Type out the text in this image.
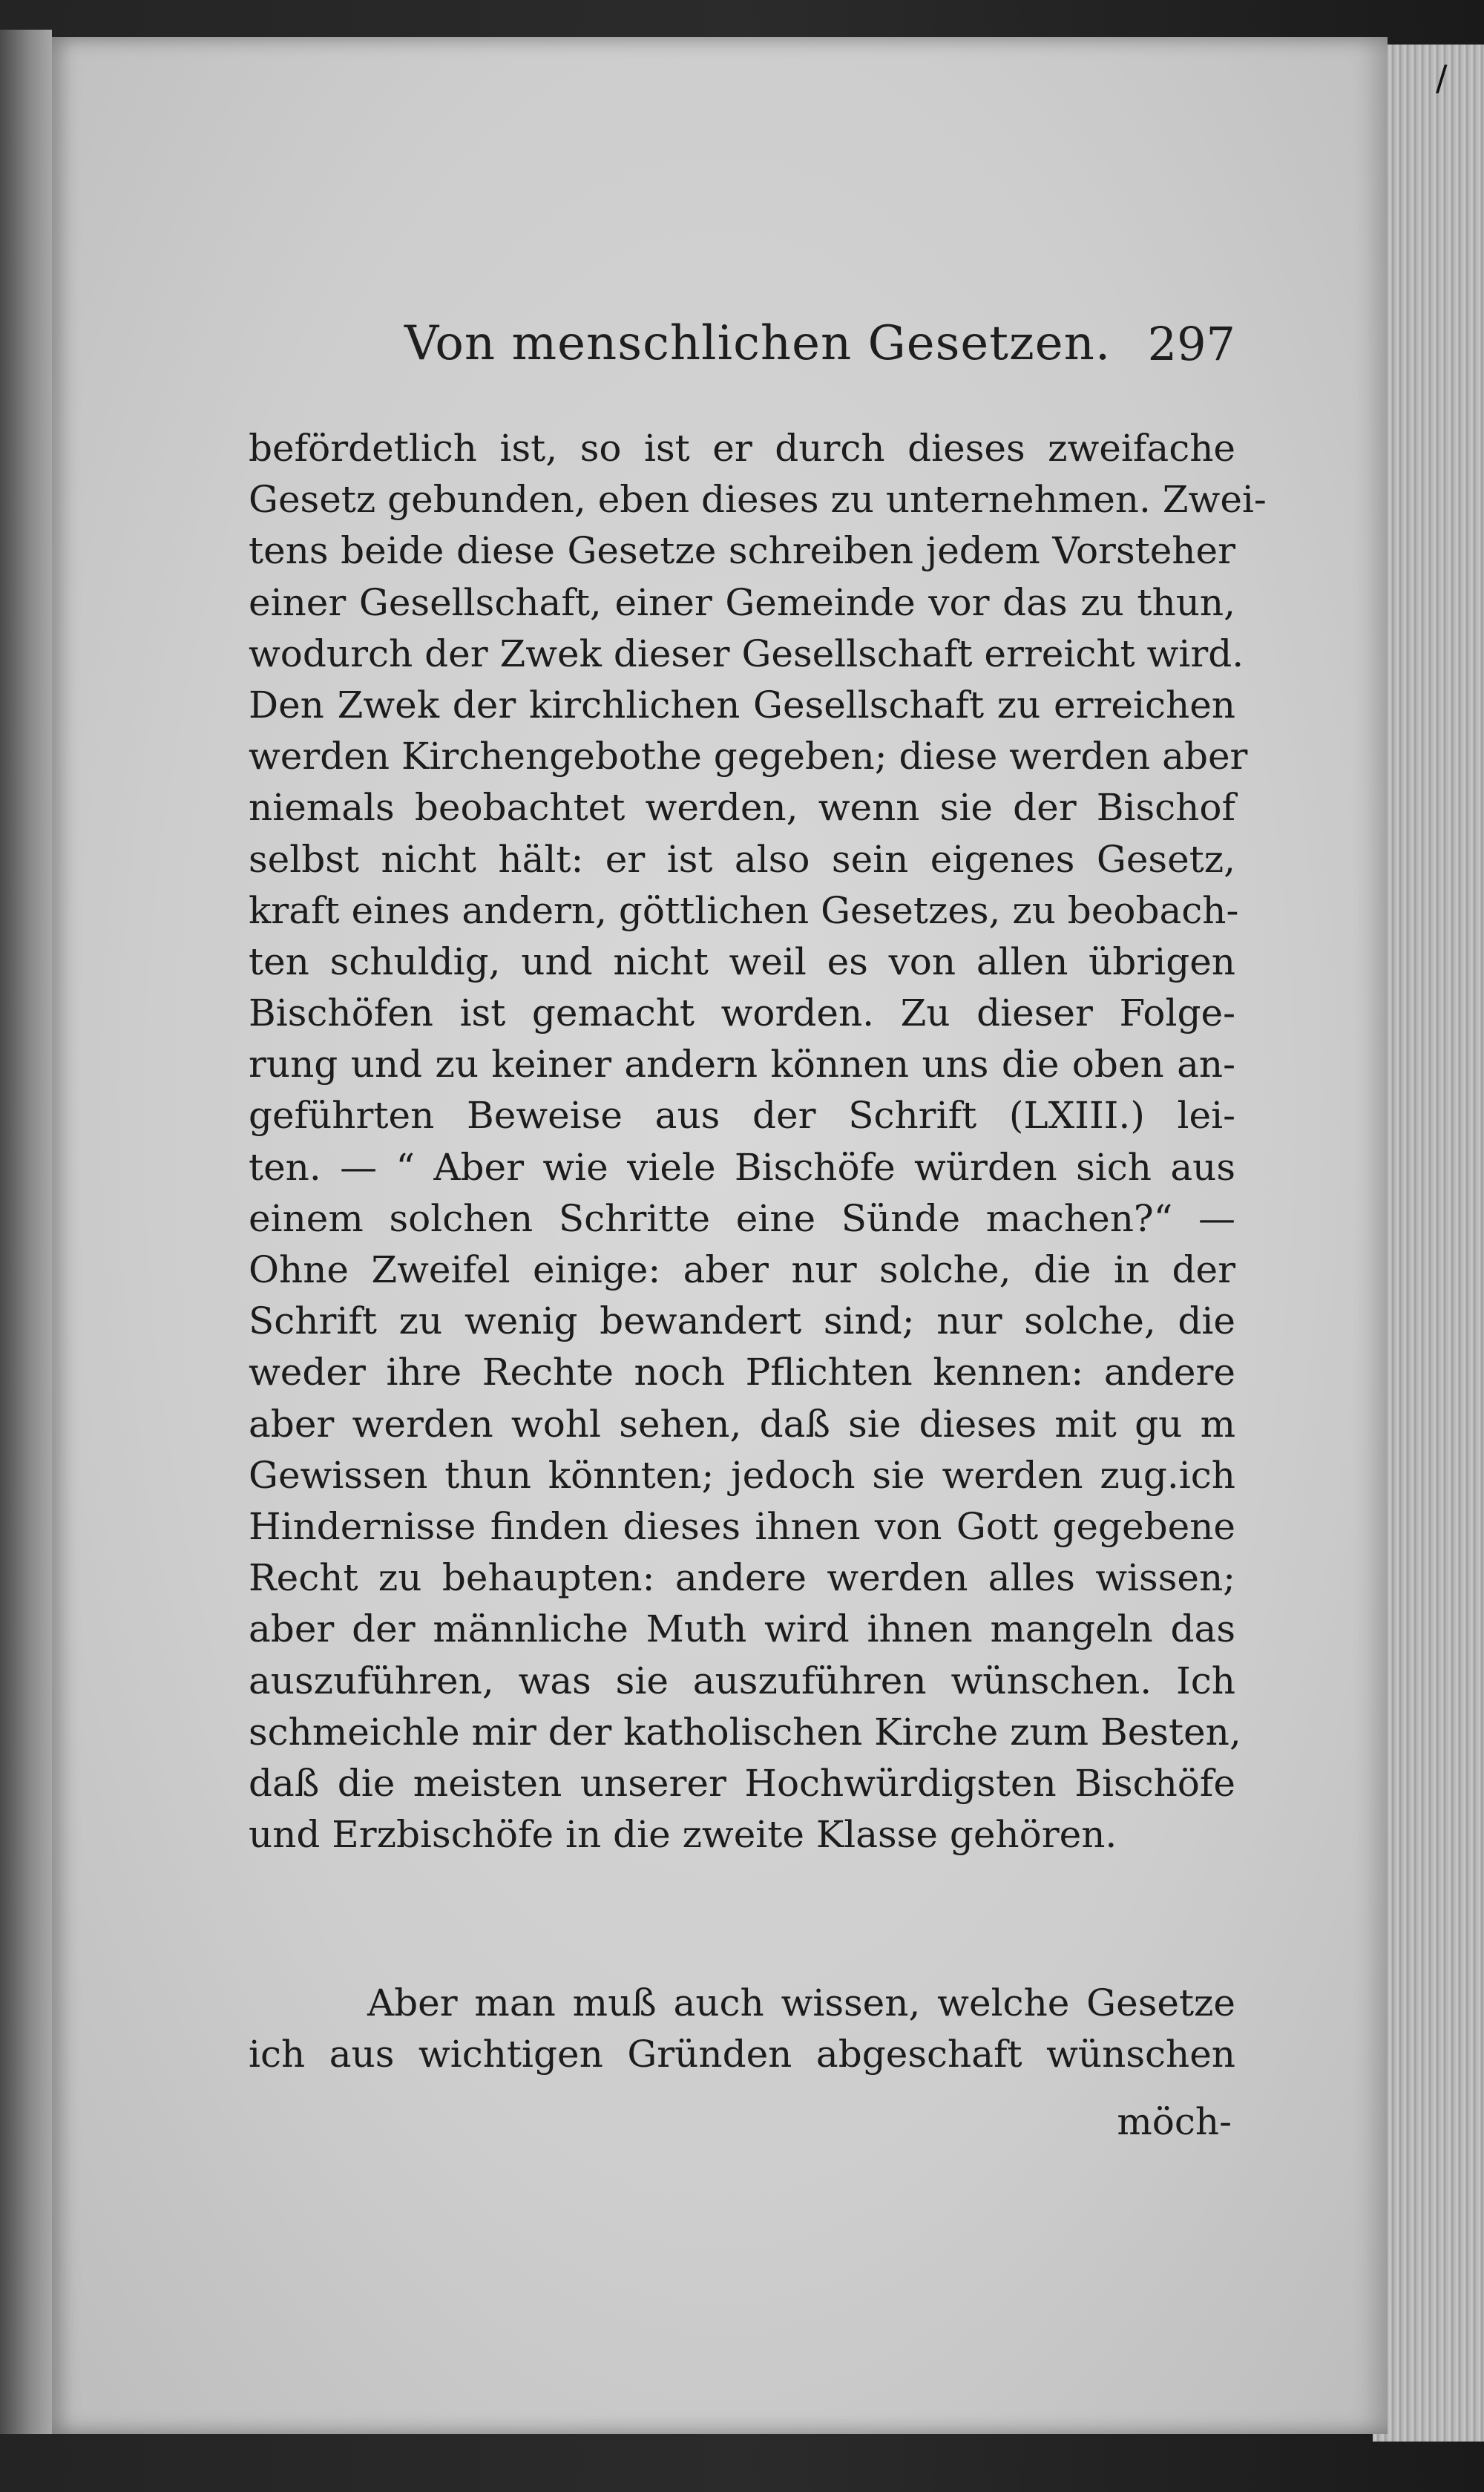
/
Von menschlichen Gesetzen. 297
befördetlich ist, so ist er durch dieses zweifache
Gesetz gebunden, eben dieses zu unternehmen. Zwei-
tens beide diese Gesetze schreiben jedem Vorsteher
einer Gesellschaft, einer Gemeinde vor das zu thun,
wodurch der Zwek dieser Gesellschaft erreicht wird.
Den Zwek der kirchlichen Gesellschaft zu erreichen
werden Kirchengebothe gegeben; diese werden aber
niemals beobachtet werden, wenn sie der Bischof
selbst nicht hält: er ist also sein eigenes Gesetz,
kraft eines andern, göttlichen Gesetzes, zu beobach-
ten schuldig, und nicht weil es von allen übrigen
Bischöfen ist gemacht worden. Zu dieser Folge-
rung und zu keiner andern können uns die oben an-
geführten Beweise aus der Schrift (LXIII.) lei-
ten. — “ Aber wie viele Bischöfe würden sich aus
einem solchen Schritte eine Sünde machen?“ —
Ohne Zweifel einige: aber nur solche, die in der
Schrift zu wenig bewandert sind; nur solche, die
weder ihre Rechte noch Pflichten kennen: andere
aber werden wohl sehen, daß sie dieses mit gu m
Gewissen thun könnten; jedoch sie werden zug.ich
Hindernisse finden dieses ihnen von Gott gegebene
Recht zu behaupten: andere werden alles wissen;
aber der männliche Muth wird ihnen mangeln das
auszuführen, was sie auszuführen wünschen. Ich
schmeichle mir der katholischen Kirche zum Besten,
daß die meisten unserer Hochwürdigsten Bischöfe
und Erzbischöfe in die zweite Klasse gehören.
Aber man muß auch wissen, welche Gesetze
ich aus wichtigen Gründen abgeschaft wünschen
möch-
